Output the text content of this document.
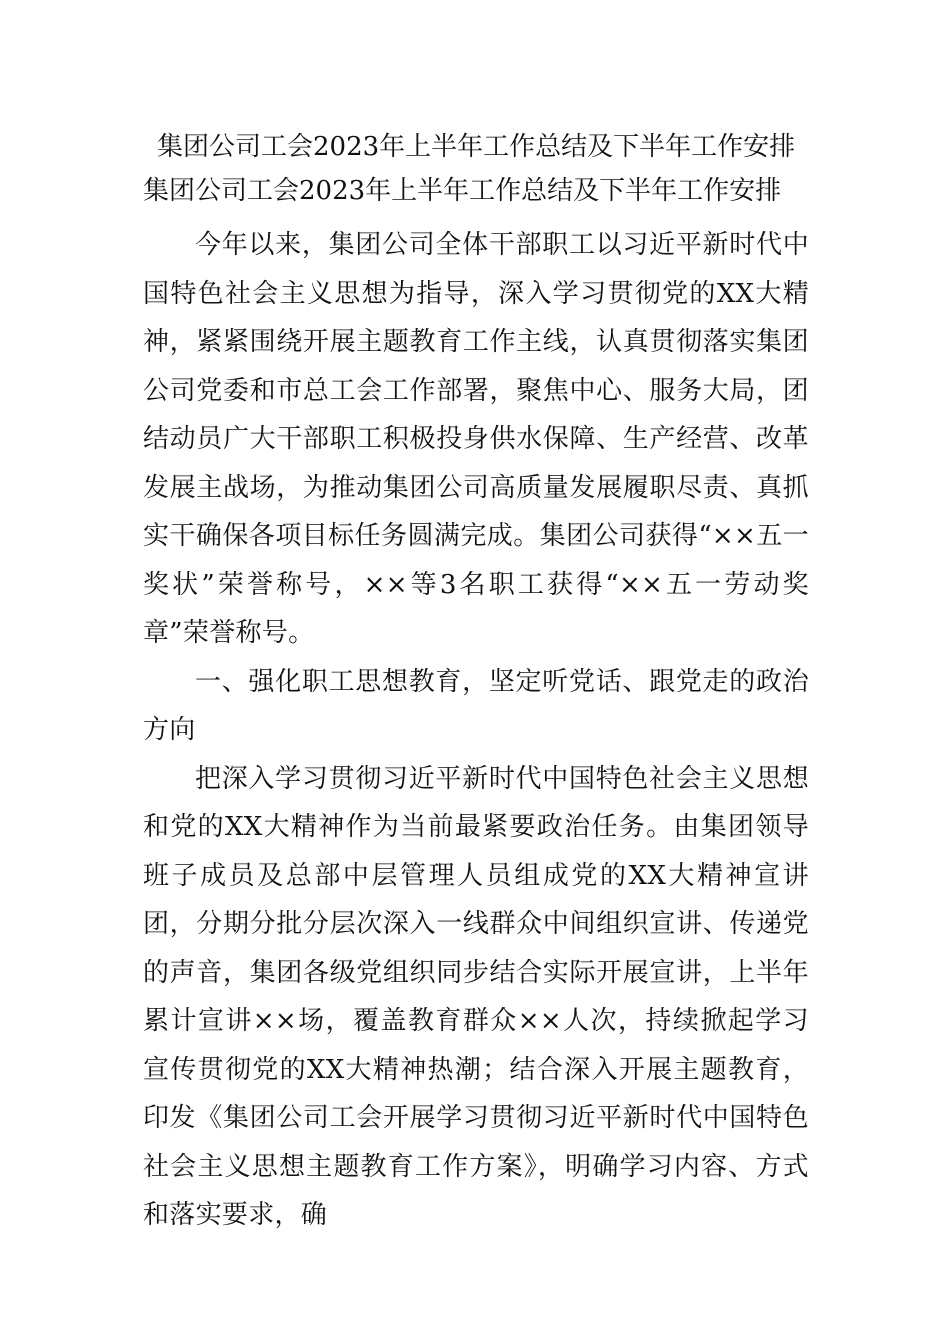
集团公司工会2023年上半年工作总结及下半年工作安排
集团公司工会2023年上半年工作总结及下半年工作安排

今年以来，集团公司全体干部职工以习近平新时代中国特色社会主义思想为指导，深入学习贯彻党的XX大精神，紧紧围绕开展主题教育工作主线，认真贯彻落实集团公司党委和市总工会工作部署，聚焦中心、服务大局，团结动员广大干部职工积极投身供水保障、生产经营、改革发展主战场，为推动集团公司高质量发展履职尽责、真抓实干确保各项目标任务圆满完成。集团公司获得“××五一奖状”荣誉称号，××等3名职工获得“××五一劳动奖章”荣誉称号。

一、强化职工思想教育，坚定听党话、跟党走的政治方向

把深入学习贯彻习近平新时代中国特色社会主义思想和党的XX大精神作为当前最紧要政治任务。由集团领导班子成员及总部中层管理人员组成党的XX大精神宣讲团，分期分批分层次深入一线群众中间组织宣讲、传递党的声音，集团各级党组织同步结合实际开展宣讲，上半年累计宣讲××场，覆盖教育群众××人次，持续掀起学习宣传贯彻党的XX大精神热潮；结合深入开展主题教育，印发《集团公司工会开展学习贯彻习近平新时代中国特色社会主义思想主题教育工作方案》，明确学习内容、方式和落实要求，确
